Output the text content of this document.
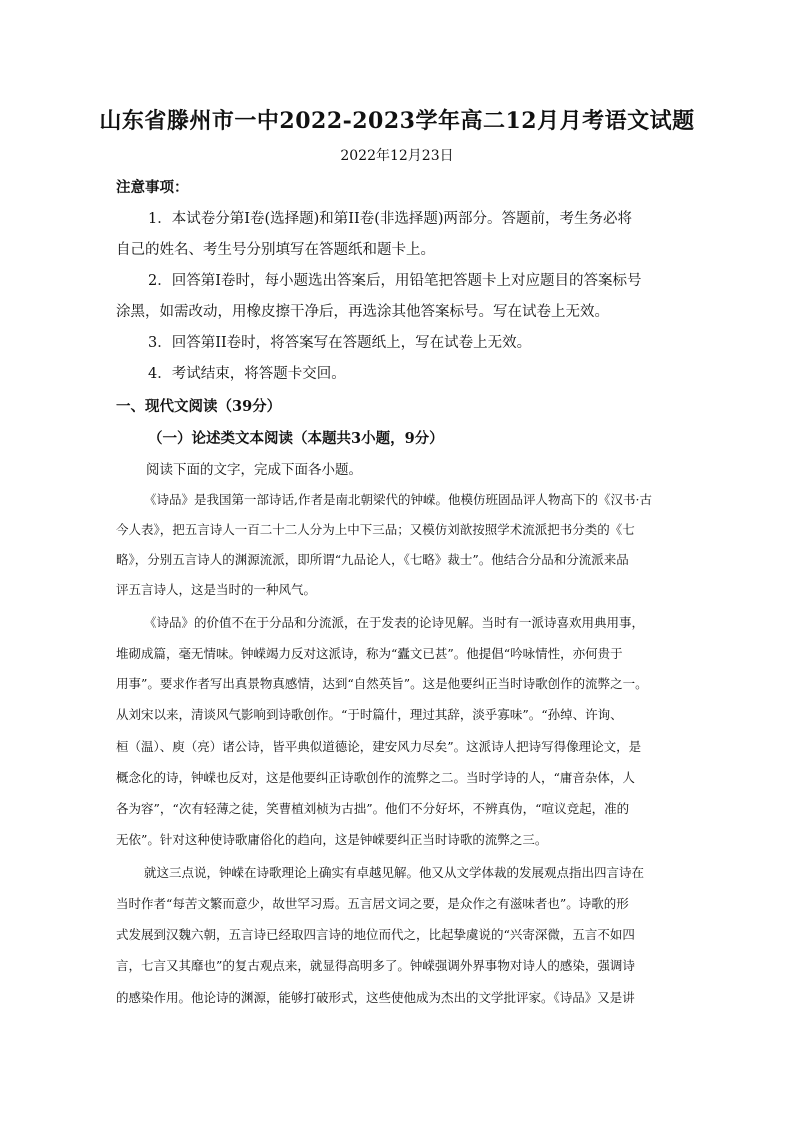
山东省滕州市一中2022-2023学年高二12月月考语文试题
2022年12月23日
注意事项：
1．本试卷分第I卷(选择题)和第II卷(非选择题)两部分。答题前，考生务必将
自己的姓名、考生号分别填写在答题纸和题卡上。
2．回答第I卷时，每小题选出答案后，用铅笔把答题卡上对应题目的答案标号
涂黑，如需改动，用橡皮擦干净后，再选涂其他答案标号。写在试卷上无效。
3．回答第II卷时，将答案写在答题纸上，写在试卷上无效。
4．考试结束，将答题卡交回。
一、现代文阅读（39分）
（一）论述类文本阅读（本题共3小题，9分）
阅读下面的文字，完成下面各小题。
《诗品》是我国第一部诗话,作者是南北朝梁代的钟嵘。他模仿班固品评人物高下的《汉书·古
今人表》，把五言诗人一百二十二人分为上中下三品；又模仿刘歆按照学术流派把书分类的《七
略》，分别五言诗人的渊源流派，即所谓“九品论人，《七略》裁士”。他结合分品和分流派来品
评五言诗人，这是当时的一种风气。
《诗品》的价值不在于分品和分流派，在于发表的论诗见解。当时有一派诗喜欢用典用事，
堆砌成篇，毫无情味。钟嵘竭力反对这派诗，称为“蠹文已甚”。他提倡“吟咏情性，亦何贵于
用事”。要求作者写出真景物真感情，达到“自然英旨”。这是他要纠正当时诗歌创作的流弊之一。
从刘宋以来，清谈风气影响到诗歌创作。“于时篇什，理过其辞，淡乎寡味”。“孙绰、许询、
桓（温）、庾（亮）诸公诗，皆平典似道德论，建安风力尽矣”。这派诗人把诗写得像理论文，是
概念化的诗，钟嵘也反对，这是他要纠正诗歌创作的流弊之二。当时学诗的人，“庸音杂体，人
各为容”，“次有轻薄之徒，笑曹植刘桢为古拙”。他们不分好坏，不辨真伪，“喧议竞起，准的
无依”。针对这种使诗歌庸俗化的趋向，这是钟嵘要纠正当时诗歌的流弊之三。
就这三点说，钟嵘在诗歌理论上确实有卓越见解。他又从文学体裁的发展观点指出四言诗在
当时作者“每苦文繁而意少，故世罕习焉。五言居文词之要，是众作之有滋味者也”。诗歌的形
式发展到汉魏六朝，五言诗已经取四言诗的地位而代之，比起挚虞说的“兴寄深微，五言不如四
言，七言又其靡也”的复古观点来，就显得高明多了。钟嵘强调外界事物对诗人的感染，强调诗
的感染作用。他论诗的渊源，能够打破形式，这些使他成为杰出的文学批评家。《诗品》又是讲
